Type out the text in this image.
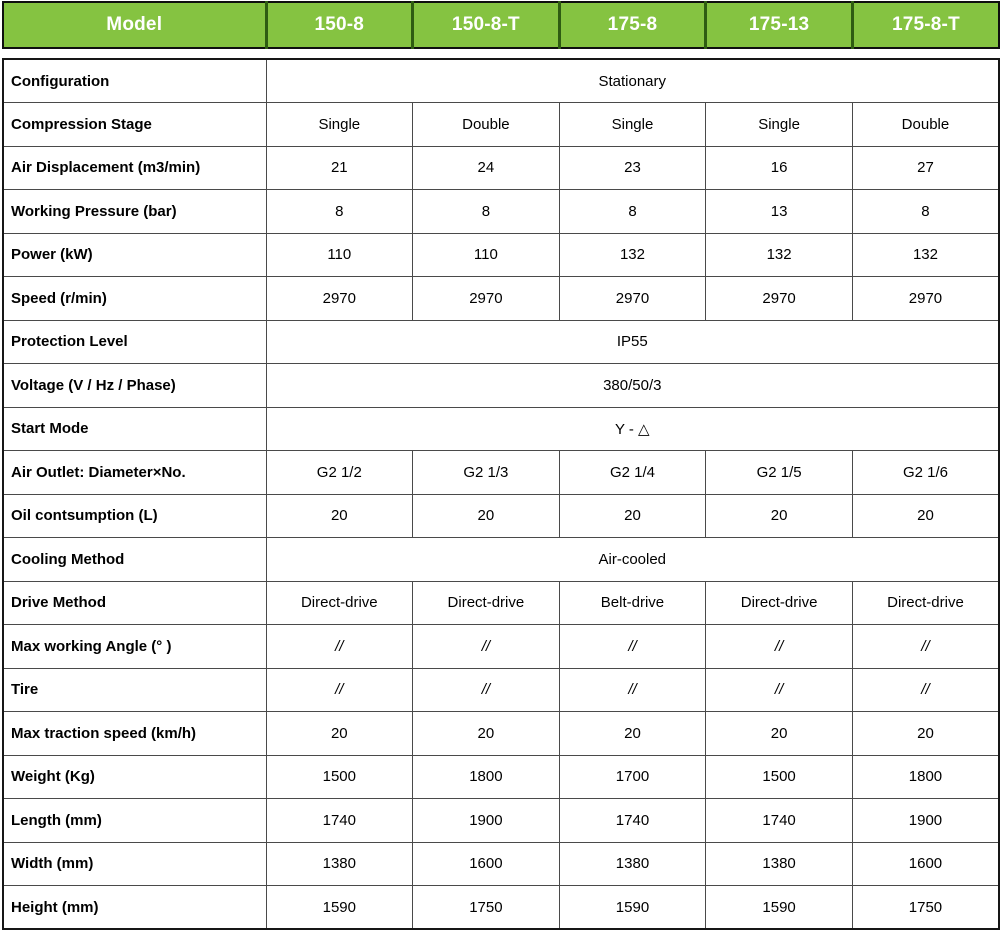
Model	150-8	150-8-T	175-8	175-13	175-8-T
Configuration	Stationary				
Compression Stage	Single	Double	Single	Single	Double
Air Displacement (m3/min)	21	24	23	16	27
Working Pressure (bar)	8	8	8	13	8
Power (kW)	110	110	132	132	132
Speed (r/min)	2970	2970	2970	2970	2970
Protection Level	IP55				
Voltage (V / Hz / Phase)	380/50/3				
Start Mode	Y - △				
Air Outlet: Diameter×No.	G2 1/2	G2 1/3	G2 1/4	G2 1/5	G2 1/6
Oil contsumption (L)	20	20	20	20	20
Cooling Method	Air-cooled				
Drive Method	Direct-drive	Direct-drive	Belt-drive	Direct-drive	Direct-drive
Max working Angle (° )	//	//	//	//	//
Tire	//	//	//	//	//
Max traction speed (km/h)	20	20	20	20	20
Weight (Kg)	1500	1800	1700	1500	1800
Length (mm)	1740	1900	1740	1740	1900
Width (mm)	1380	1600	1380	1380	1600
Height (mm)	1590	1750	1590	1590	1750
